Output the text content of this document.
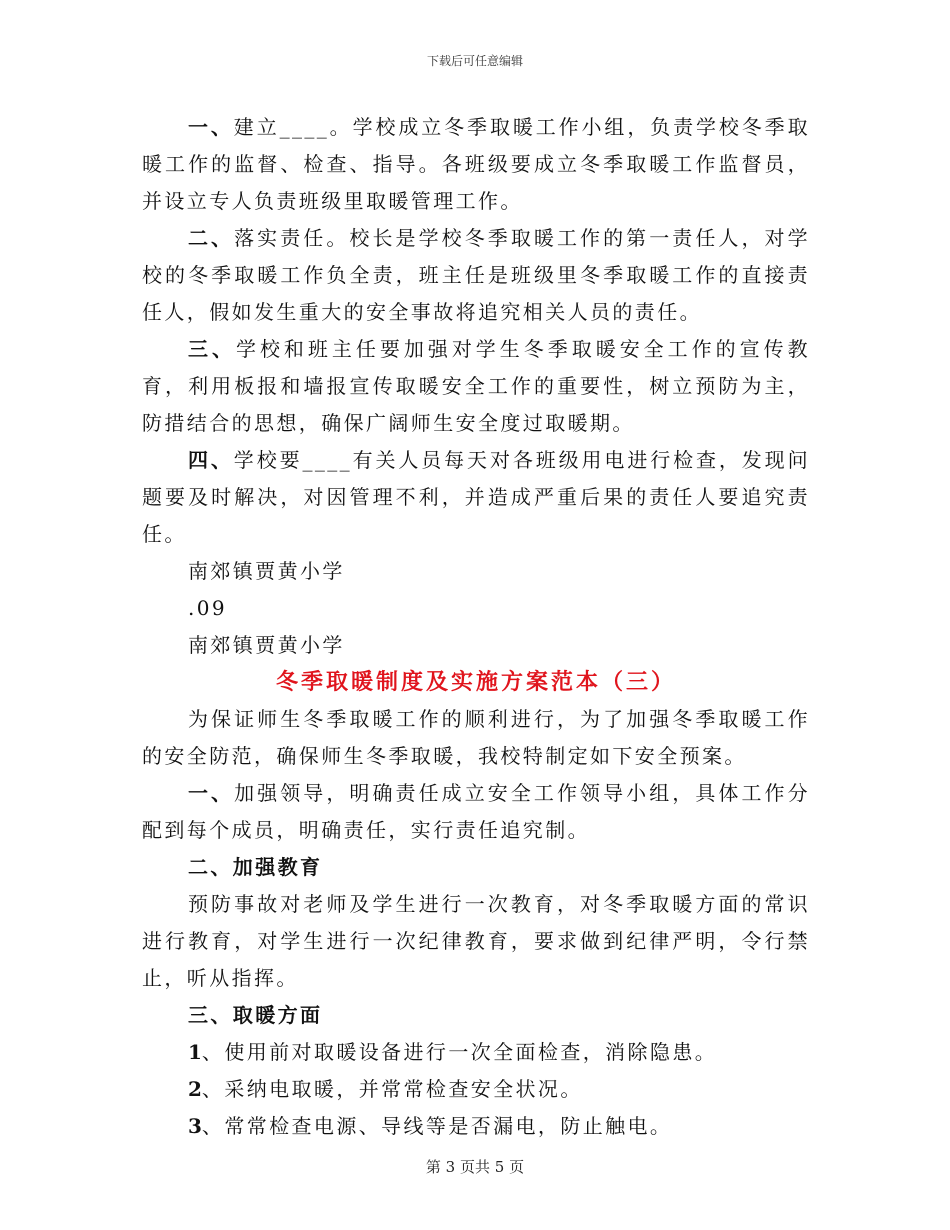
下载后可任意编辑

一、建立____。学校成立冬季取暖工作小组，负责学校冬季取暖工作的监督、检查、指导。各班级要成立冬季取暖工作监督员，并设立专人负责班级里取暖管理工作。

二、落实责任。校长是学校冬季取暖工作的第一责任人，对学校的冬季取暖工作负全责，班主任是班级里冬季取暖工作的直接责任人，假如发生重大的安全事故将追究相关人员的责任。

三、学校和班主任要加强对学生冬季取暖安全工作的宣传教育，利用板报和墙报宣传取暖安全工作的重要性，树立预防为主，防措结合的思想，确保广阔师生安全度过取暖期。

四、学校要____有关人员每天对各班级用电进行检查，发现问题要及时解决，对因管理不利，并造成严重后果的责任人要追究责任。

南郊镇贾黄小学

.09

南郊镇贾黄小学

冬季取暖制度及实施方案范本（三）

为保证师生冬季取暖工作的顺利进行，为了加强冬季取暖工作的安全防范，确保师生冬季取暖，我校特制定如下安全预案。

一、加强领导，明确责任成立安全工作领导小组，具体工作分配到每个成员，明确责任，实行责任追究制。

二、加强教育

预防事故对老师及学生进行一次教育，对冬季取暖方面的常识进行教育，对学生进行一次纪律教育，要求做到纪律严明，令行禁止，听从指挥。

三、取暖方面

1、使用前对取暖设备进行一次全面检查，消除隐患。

2、采纳电取暖，并常常检查安全状况。

3、常常检查电源、导线等是否漏电，防止触电。

第 3 页共 5 页
